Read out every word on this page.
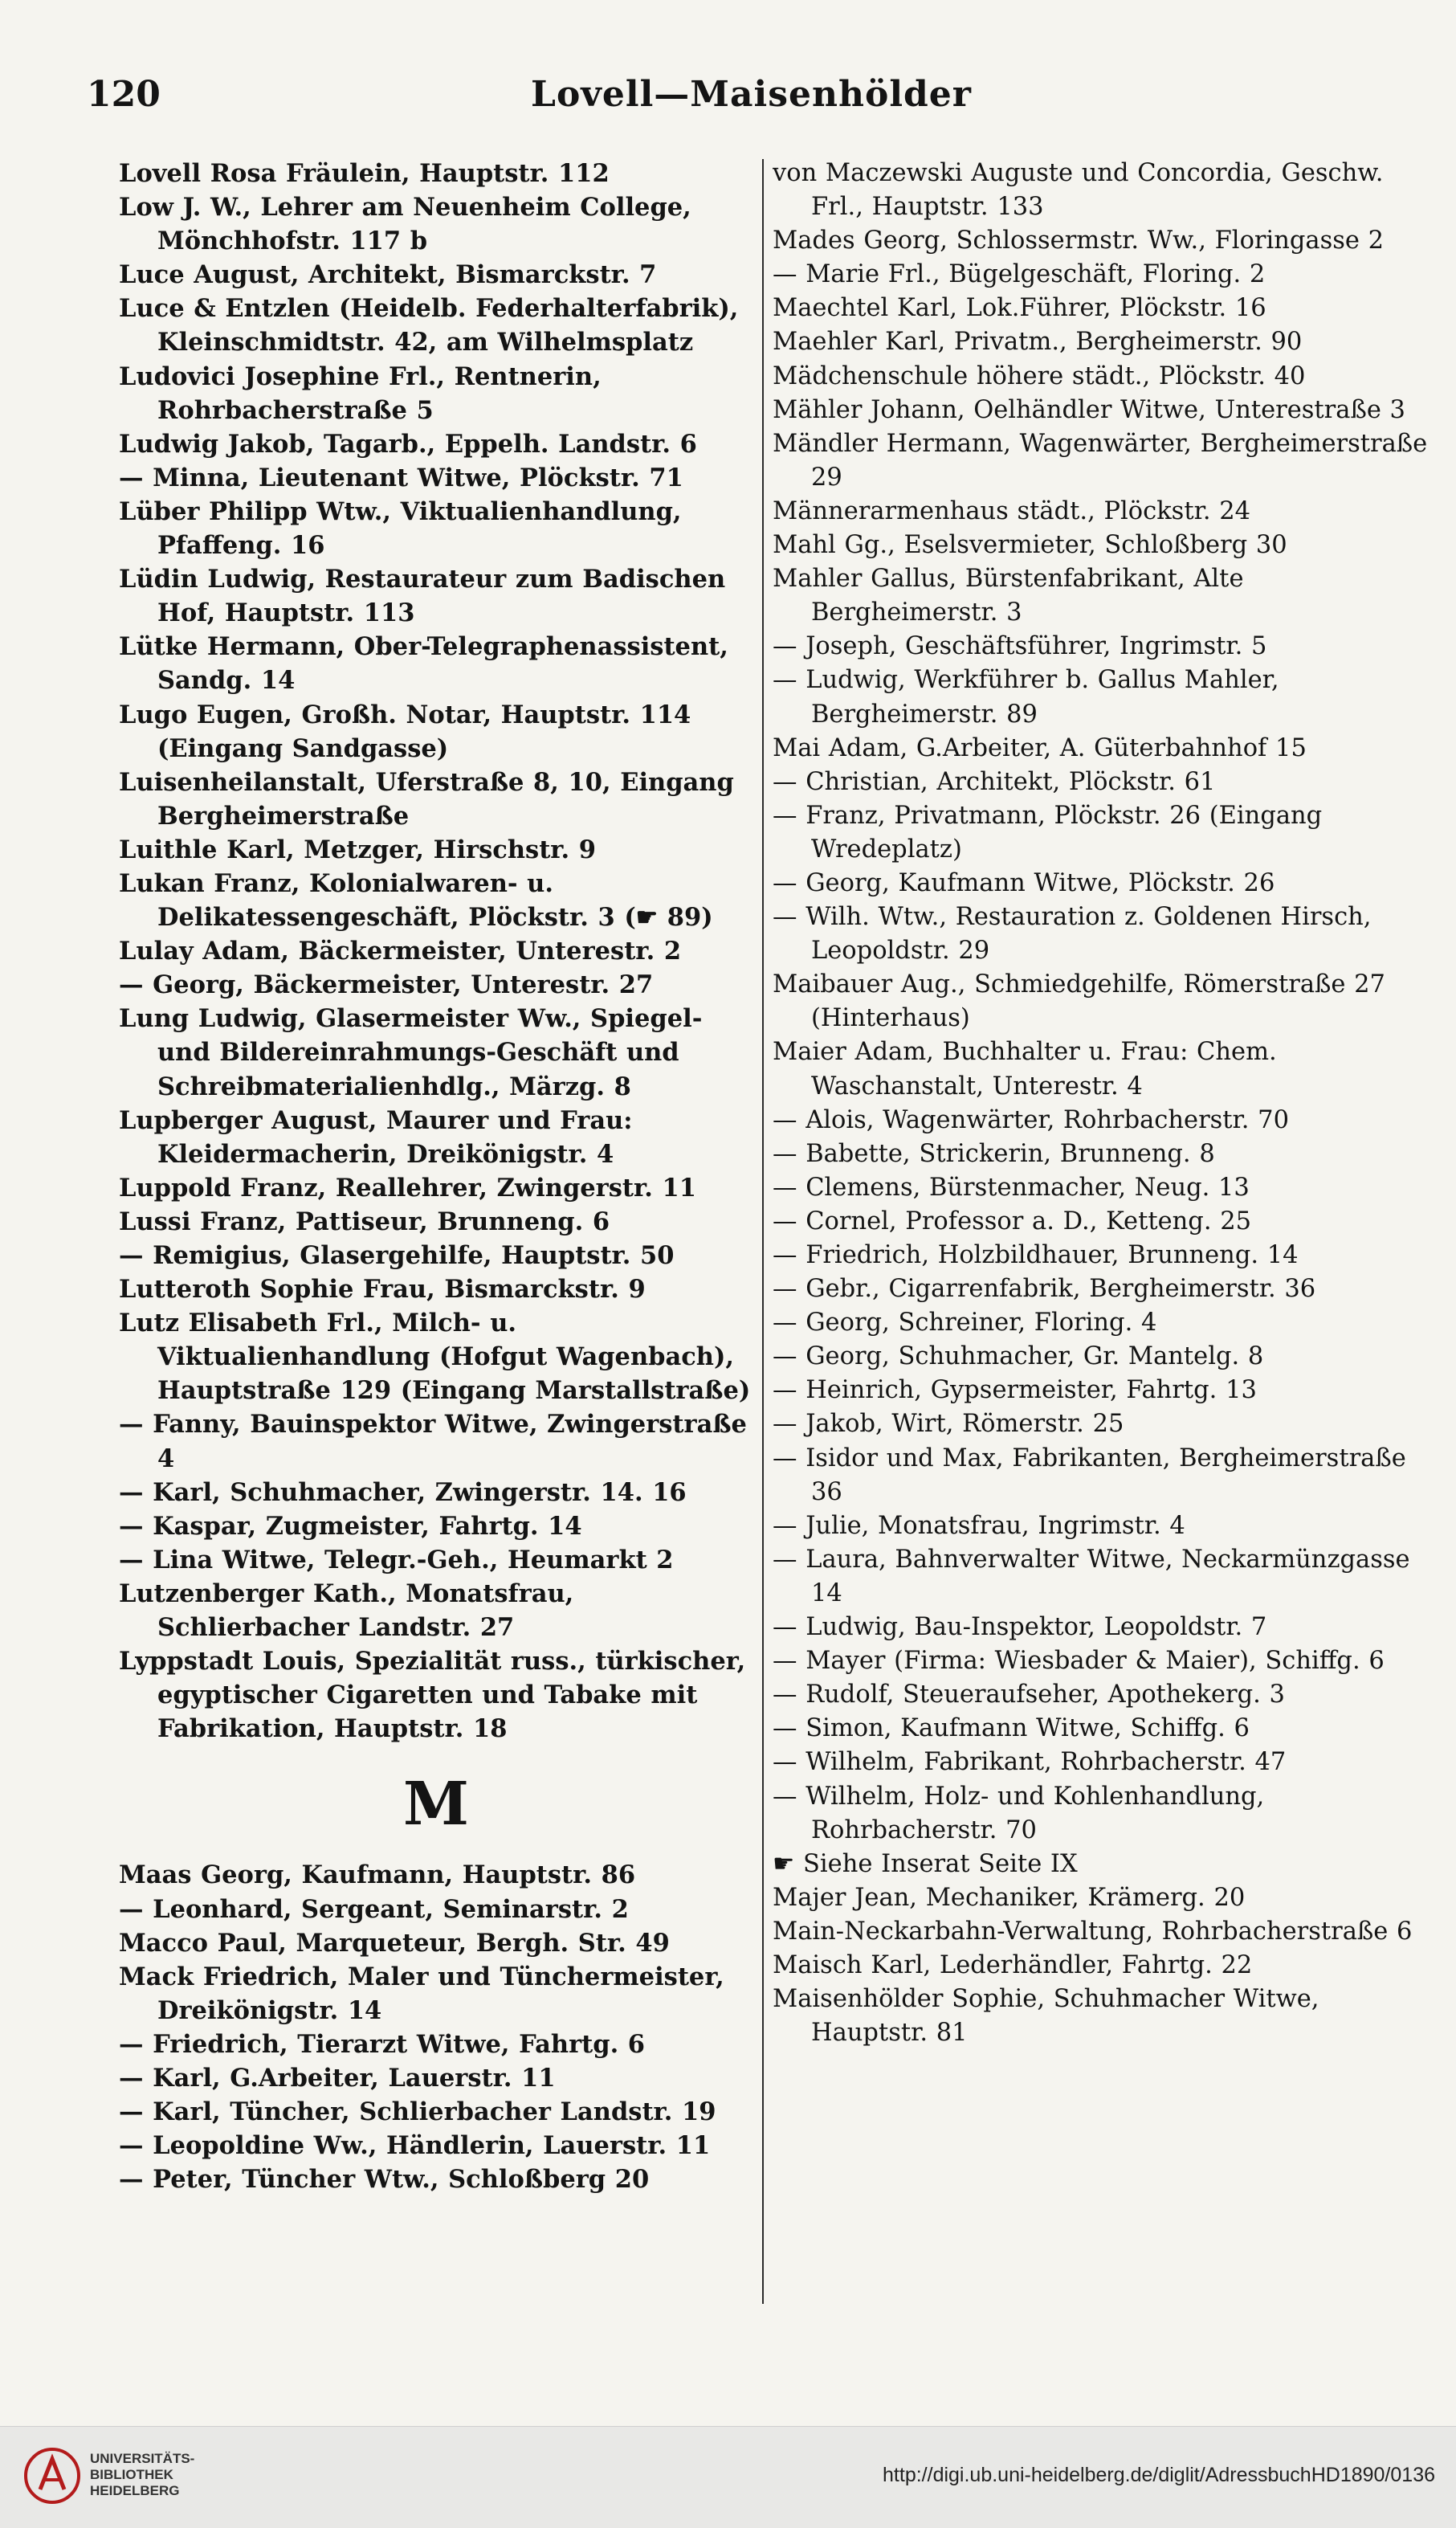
120	Lovell—Maisenhölder
Lovell Rosa Fräulein, Hauptstr. 112
Low J. W., Lehrer am Neuenheim College, Mönchhofstr. 117 b
Luce August, Architekt, Bismarckstr. 7
Luce & Entzlen (Heidelb. Federhalterfabrik), Kleinschmidtstr. 42, am Wilhelmsplatz
Ludovici Josephine Frl., Rentnerin, Rohrbacherstraße 5
Ludwig Jakob, Tagarb., Eppelh. Landstr. 6
— Minna, Lieutenant Witwe, Plöckstr. 71
Lüber Philipp Wtw., Viktualienhandlung, Pfaffeng. 16
Lüdin Ludwig, Restaurateur zum Badischen Hof, Hauptstr. 113
Lütke Hermann, Ober-Telegraphenassistent, Sandg. 14
Lugo Eugen, Großh. Notar, Hauptstr. 114 (Eingang Sandgasse)
Luisenheilanstalt, Uferstraße 8, 10, Eingang Bergheimerstraße
Luithle Karl, Metzger, Hirschstr. 9
Lukan Franz, Kolonialwaren- u. Delikatessengeschäft, Plöckstr. 3 (☛ 89)
Lulay Adam, Bäckermeister, Unterestr. 2
— Georg, Bäckermeister, Unterestr. 27
Lung Ludwig, Glasermeister Ww., Spiegel- und Bildereinrahmungs-Geschäft und Schreibmaterialienhdlg., Märzg. 8
Lupberger August, Maurer und Frau: Kleidermacherin, Dreikönigstr. 4
Luppold Franz, Reallehrer, Zwingerstr. 11
Lussi Franz, Pattiseur, Brunneng. 6
— Remigius, Glasergehilfe, Hauptstr. 50
Lutteroth Sophie Frau, Bismarckstr. 9
Lutz Elisabeth Frl., Milch- u. Viktualienhandlung (Hofgut Wagenbach), Hauptstraße 129 (Eingang Marstallstraße)
— Fanny, Bauinspektor Witwe, Zwingerstraße 4
— Karl, Schuhmacher, Zwingerstr. 14. 16
— Kaspar, Zugmeister, Fahrtg. 14
— Lina Witwe, Telegr.-Geh., Heumarkt 2
Lutzenberger Kath., Monatsfrau, Schlierbacher Landstr. 27
Lyppstadt Louis, Spezialität russ., türkischer, egyptischer Cigaretten und Tabake mit Fabrikation, Hauptstr. 18
M
Maas Georg, Kaufmann, Hauptstr. 86
— Leonhard, Sergeant, Seminarstr. 2
Macco Paul, Marqueteur, Bergh. Str. 49
Mack Friedrich, Maler und Tünchermeister, Dreikönigstr. 14
— Friedrich, Tierarzt Witwe, Fahrtg. 6
— Karl, G.Arbeiter, Lauerstr. 11
— Karl, Tüncher, Schlierbacher Landstr. 19
— Leopoldine Ww., Händlerin, Lauerstr. 11
— Peter, Tüncher Wtw., Schloßberg 20
von Maczewski Auguste und Concordia, Geschw. Frl., Hauptstr. 133
Mades Georg, Schlossermstr. Ww., Floringasse 2
— Marie Frl., Bügelgeschäft, Floring. 2
Maechtel Karl, Lok.Führer, Plöckstr. 16
Maehler Karl, Privatm., Bergheimerstr. 90
Mädchenschule höhere städt., Plöckstr. 40
Mähler Johann, Oelhändler Witwe, Unterestraße 3
Mändler Hermann, Wagenwärter, Bergheimerstraße 29
Männerarmenhaus städt., Plöckstr. 24
Mahl Gg., Eselsvermieter, Schloßberg 30
Mahler Gallus, Bürstenfabrikant, Alte Bergheimerstr. 3
— Joseph, Geschäftsführer, Ingrimstr. 5
— Ludwig, Werkführer b. Gallus Mahler, Bergheimerstr. 89
Mai Adam, G.Arbeiter, A. Güterbahnhof 15
— Christian, Architekt, Plöckstr. 61
— Franz, Privatmann, Plöckstr. 26 (Eingang Wredeplatz)
— Georg, Kaufmann Witwe, Plöckstr. 26
— Wilh. Wtw., Restauration z. Goldenen Hirsch, Leopoldstr. 29
Maibauer Aug., Schmiedgehilfe, Römerstraße 27 (Hinterhaus)
Maier Adam, Buchhalter u. Frau: Chem. Waschanstalt, Unterestr. 4
— Alois, Wagenwärter, Rohrbacherstr. 70
— Babette, Strickerin, Brunneng. 8
— Clemens, Bürstenmacher, Neug. 13
— Cornel, Professor a. D., Ketteng. 25
— Friedrich, Holzbildhauer, Brunneng. 14
— Gebr., Cigarrenfabrik, Bergheimerstr. 36
— Georg, Schreiner, Floring. 4
— Georg, Schuhmacher, Gr. Mantelg. 8
— Heinrich, Gypsermeister, Fahrtg. 13
— Jakob, Wirt, Römerstr. 25
— Isidor und Max, Fabrikanten, Bergheimerstraße 36
— Julie, Monatsfrau, Ingrimstr. 4
— Laura, Bahnverwalter Witwe, Neckarmünzgasse 14
— Ludwig, Bau-Inspektor, Leopoldstr. 7
— Mayer (Firma: Wiesbader & Maier), Schiffg. 6
— Rudolf, Steueraufseher, Apothekerg. 3
— Simon, Kaufmann Witwe, Schiffg. 6
— Wilhelm, Fabrikant, Rohrbacherstr. 47
— Wilhelm, Holz- und Kohlenhandlung, Rohrbacherstr. 70
☛ Siehe Inserat Seite IX
Majer Jean, Mechaniker, Krämerg. 20
Main-Neckarbahn-Verwaltung, Rohrbacherstraße 6
Maisch Karl, Lederhändler, Fahrtg. 22
Maisenhölder Sophie, Schuhmacher Witwe, Hauptstr. 81
UNIVERSITÄTS-
BIBLIOTHEK
HEIDELBERG
http://digi.ub.uni-heidelberg.de/diglit/AdressbuchHD1890/0136
